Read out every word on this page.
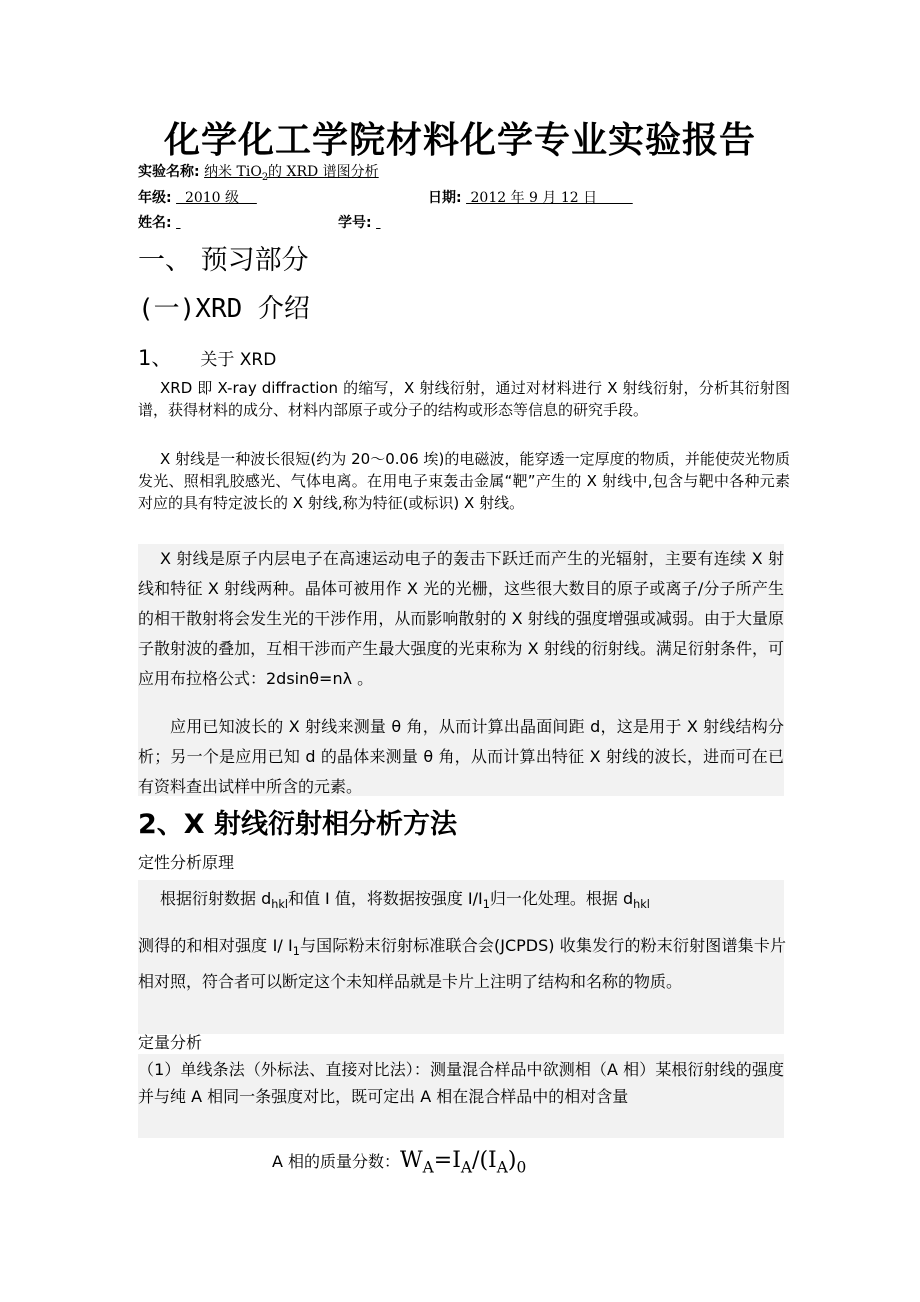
化学化工学院材料化学专业实验报告
实验名称: 纳米 TiO$_2$的 XRD 谱图分析
年级:   2010 级	日期:  2012 年 9 月 12 日
姓名:	学号:
一、 预习部分
(一)XRD 介绍
1、 关于 XRD
XRD 即 X-ray diffraction 的缩写，X 射线衍射，通过对材料进行 X 射线衍射，分析其衍射图谱，获得材料的成分、材料内部原子或分子的结构或形态等信息的研究手段。
X 射线是一种波长很短(约为 20～0.06 埃)的电磁波，能穿透一定厚度的物质，并能使荧光物质发光、照相乳胶感光、气体电离。在用电子束轰击金属“靶”产生的 X 射线中,包含与靶中各种元素对应的具有特定波长的 X 射线,称为特征(或标识) X 射线。
X 射线是原子内层电子在高速运动电子的轰击下跃迁而产生的光辐射，主要有连续 X 射线和特征 X 射线两种。晶体可被用作 X 光的光栅，这些很大数目的原子或离子/分子所产生的相干散射将会发生光的干涉作用，从而影响散射的 X 射线的强度增强或减弱。由于大量原子散射波的叠加，互相干涉而产生最大强度的光束称为 X 射线的衍射线。满足衍射条件，可应用布拉格公式：2dsinθ=nλ 。
应用已知波长的 X 射线来测量 θ 角，从而计算出晶面间距 d，这是用于 X 射线结构分析；另一个是应用已知 d 的晶体来测量 θ 角，从而计算出特征 X 射线的波长，进而可在已有资料查出试样中所含的元素。
2、X 射线衍射相分析方法
定性分析原理
根据衍射数据 $d_{hkl}$和值 I 值，将数据按强度 $I/I_1$归一化处理。根据 $d_{hkl}$
测得的和相对强度 I/ $I_1$与国际粉末衍射标准联合会(JCPDS) 收集发行的粉末衍射图谱集卡片相对照，符合者可以断定这个未知样品就是卡片上注明了结构和名称的物质。
定量分析
（1）单线条法（外标法、直接对比法）：测量混合样品中欲测相（A 相）某根衍射线的强度并与纯 A 相同一条强度对比，既可定出 A 相在混合样品中的相对含量
A 相的质量分数：$W_A=I_A/(I_A)_0$
